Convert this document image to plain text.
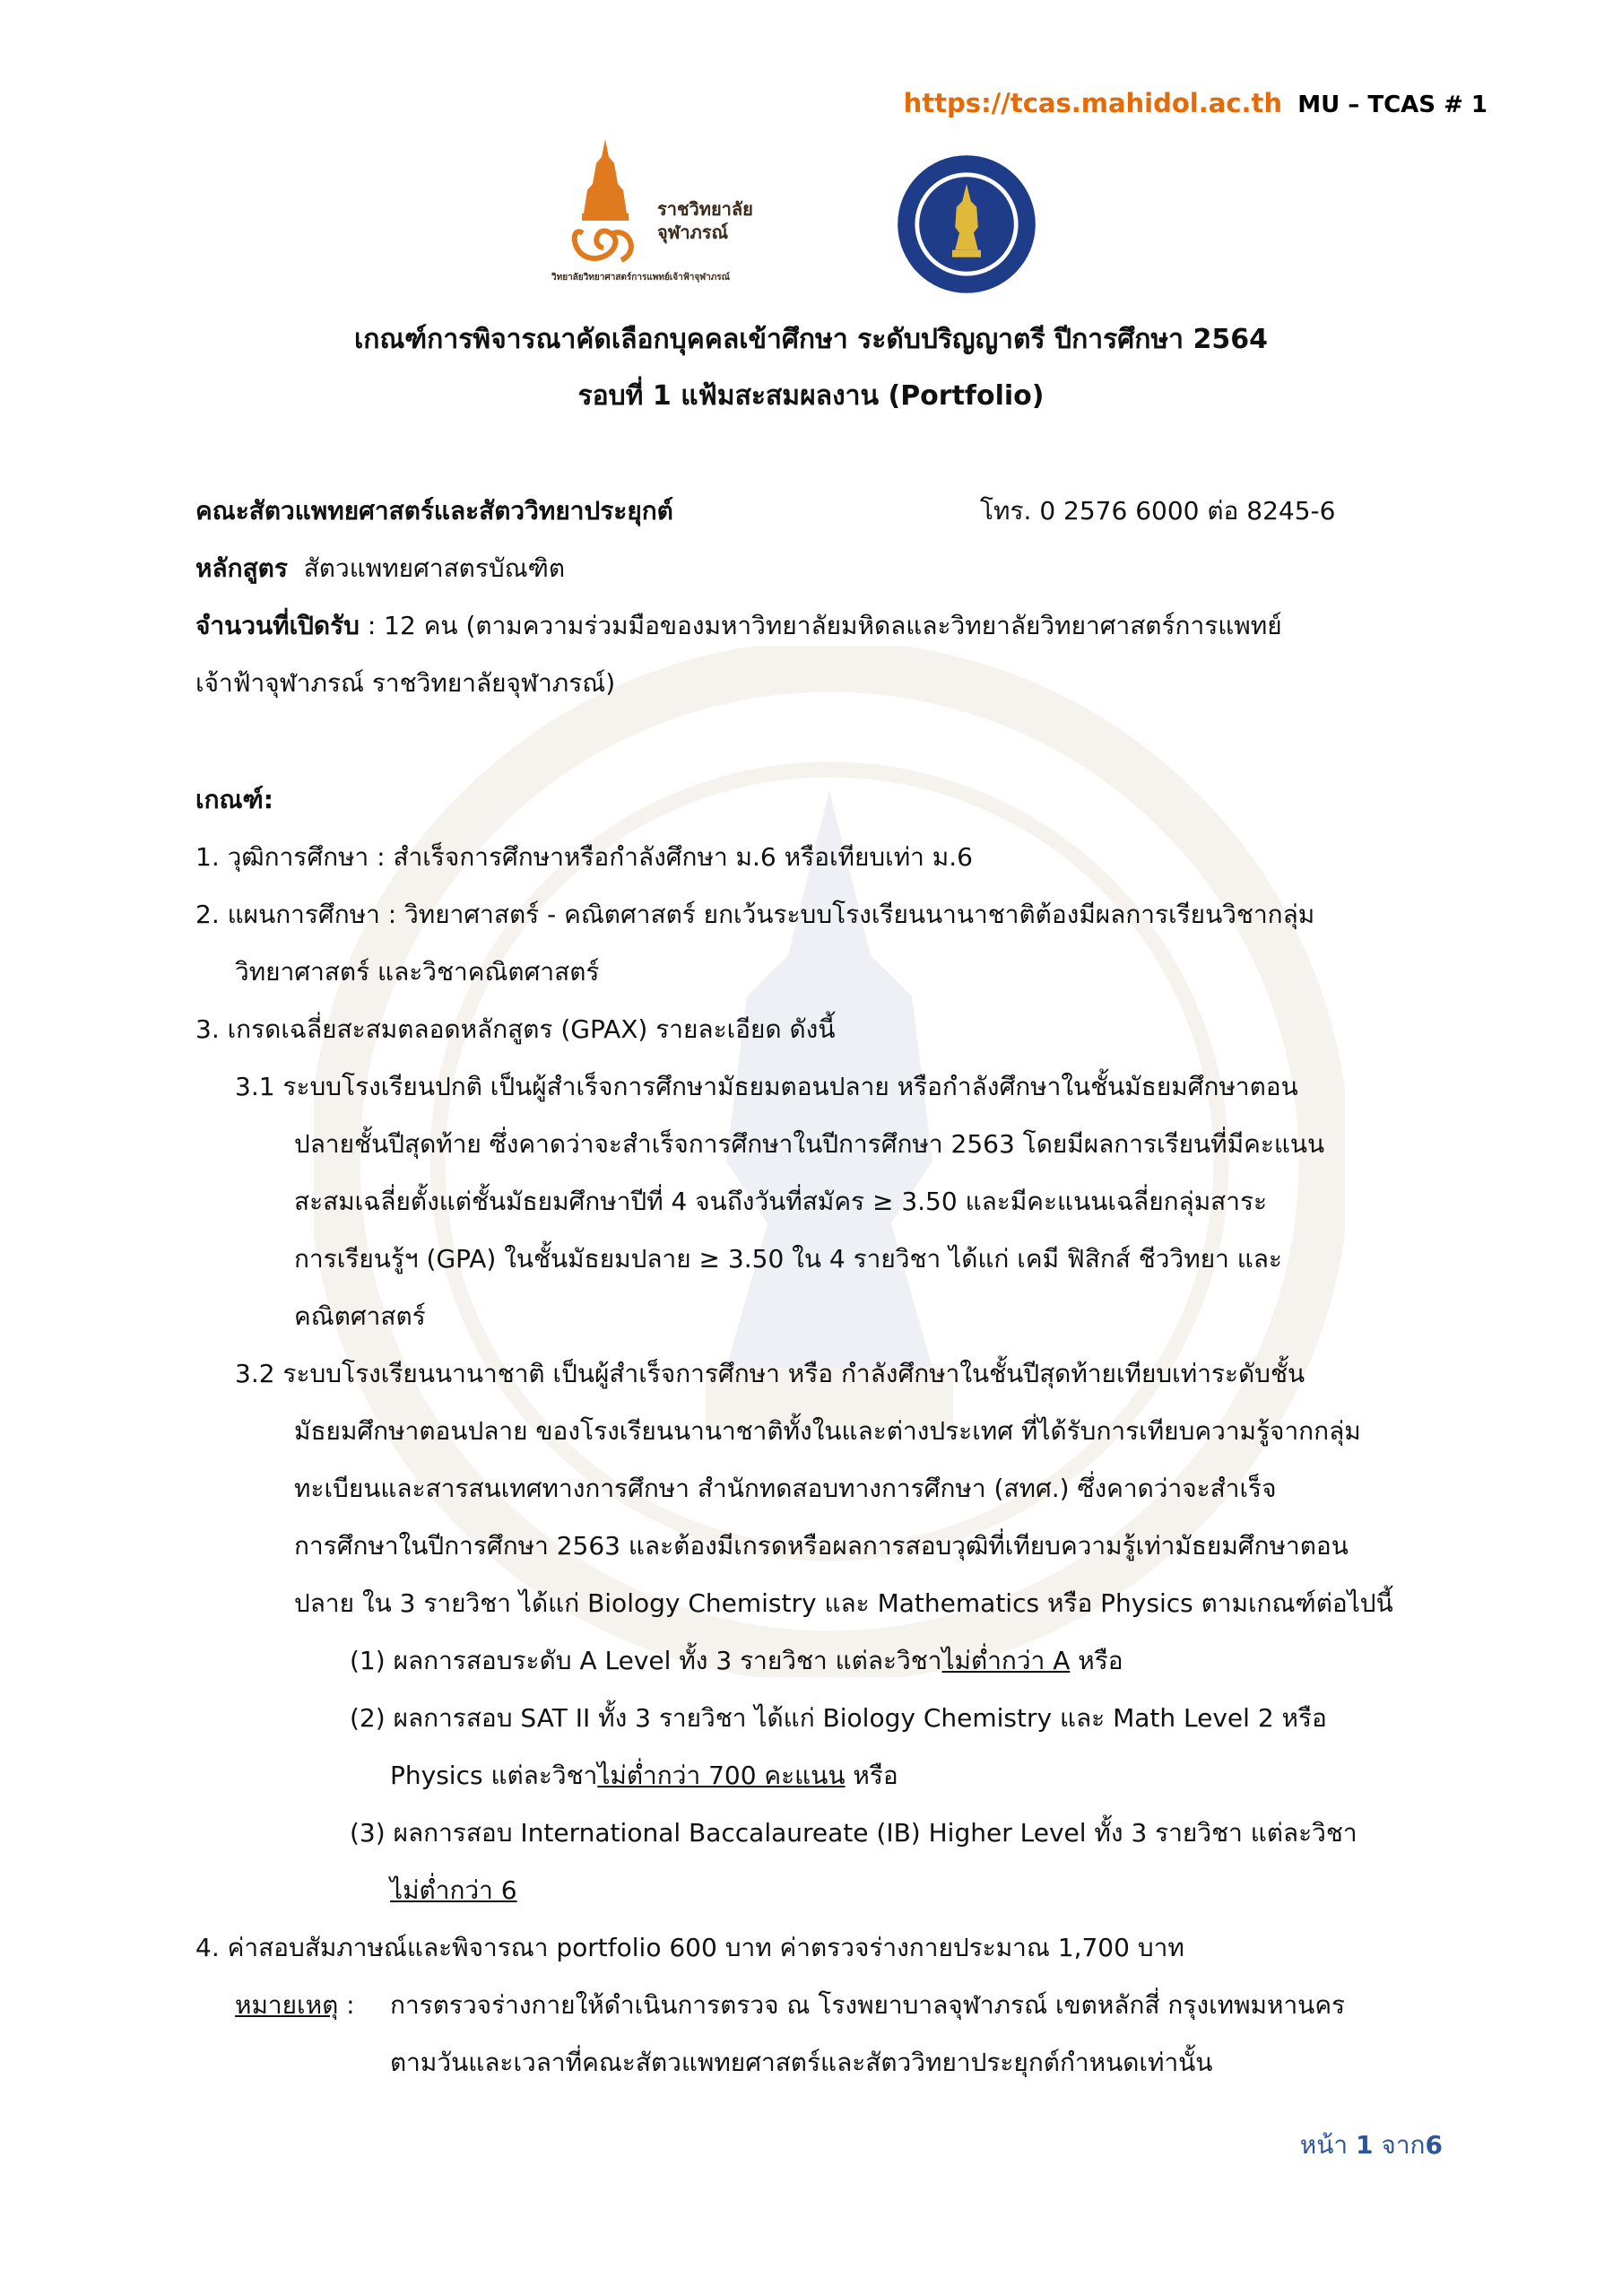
https://tcas.mahidol.ac.th MU – TCAS # 1
ราชวิทยาลัย จุฬาภรณ์
วิทยาลัยวิทยาศาสตร์การแพทย์เจ้าฟ้าจุฬาภรณ์
เกณฑ์การพิจารณาคัดเลือกบุคคลเข้าศึกษา ระดับปริญญาตรี ปีการศึกษา 2564
รอบที่ 1 แฟ้มสะสมผลงาน (Portfolio)
คณะสัตวแพทยศาสตร์และสัตววิทยาประยุกต์	โทร. 0 2576 6000 ต่อ 8245-6
หลักสูตร สัตวแพทยศาสตรบัณฑิต
จำนวนที่เปิดรับ : 12 คน (ตามความร่วมมือของมหาวิทยาลัยมหิดลและวิทยาลัยวิทยาศาสตร์การแพทย์
เจ้าฟ้าจุฬาภรณ์ ราชวิทยาลัยจุฬาภรณ์)
เกณฑ์:
1. วุฒิการศึกษา : สำเร็จการศึกษาหรือกำลังศึกษา ม.6 หรือเทียบเท่า ม.6
2. แผนการศึกษา : วิทยาศาสตร์ - คณิตศาสตร์ ยกเว้นระบบโรงเรียนนานาชาติต้องมีผลการเรียนวิชากลุ่ม
วิทยาศาสตร์ และวิชาคณิตศาสตร์
3. เกรดเฉลี่ยสะสมตลอดหลักสูตร (GPAX) รายละเอียด ดังนี้
3.1 ระบบโรงเรียนปกติ เป็นผู้สำเร็จการศึกษามัธยมตอนปลาย หรือกำลังศึกษาในชั้นมัธยมศึกษาตอน
ปลายชั้นปีสุดท้าย ซึ่งคาดว่าจะสำเร็จการศึกษาในปีการศึกษา 2563 โดยมีผลการเรียนที่มีคะแนน
สะสมเฉลี่ยตั้งแต่ชั้นมัธยมศึกษาปีที่ 4 จนถึงวันที่สมัคร ≥ 3.50 และมีคะแนนเฉลี่ยกลุ่มสาระ
การเรียนรู้ฯ (GPA) ในชั้นมัธยมปลาย ≥ 3.50 ใน 4 รายวิชา ได้แก่ เคมี ฟิสิกส์ ชีววิทยา และ
คณิตศาสตร์
3.2 ระบบโรงเรียนนานาชาติ เป็นผู้สำเร็จการศึกษา หรือ กำลังศึกษาในชั้นปีสุดท้ายเทียบเท่าระดับชั้น
มัธยมศึกษาตอนปลาย ของโรงเรียนนานาชาติทั้งในและต่างประเทศ ที่ได้รับการเทียบความรู้จากกลุ่ม
ทะเบียนและสารสนเทศทางการศึกษา สำนักทดสอบทางการศึกษา (สทศ.) ซึ่งคาดว่าจะสำเร็จ
การศึกษาในปีการศึกษา 2563 และต้องมีเกรดหรือผลการสอบวุฒิที่เทียบความรู้เท่ามัธยมศึกษาตอน
ปลาย ใน 3 รายวิชา ได้แก่ Biology Chemistry และ Mathematics หรือ Physics ตามเกณฑ์ต่อไปนี้
(1) ผลการสอบระดับ A Level ทั้ง 3 รายวิชา แต่ละวิชาไม่ต่ำกว่า A หรือ
(2) ผลการสอบ SAT II ทั้ง 3 รายวิชา ได้แก่ Biology Chemistry และ Math Level 2 หรือ
Physics แต่ละวิชาไม่ต่ำกว่า 700 คะแนน หรือ
(3) ผลการสอบ International Baccalaureate (IB) Higher Level ทั้ง 3 รายวิชา แต่ละวิชา
ไม่ต่ำกว่า 6
4. ค่าสอบสัมภาษณ์และพิจารณา portfolio 600 บาท ค่าตรวจร่างกายประมาณ 1,700 บาท
หมายเหตุ : การตรวจร่างกายให้ดำเนินการตรวจ ณ โรงพยาบาลจุฬาภรณ์ เขตหลักสี่ กรุงเทพมหานคร
ตามวันและเวลาที่คณะสัตวแพทยศาสตร์และสัตววิทยาประยุกต์กำหนดเท่านั้น
หน้า 1 จาก6
